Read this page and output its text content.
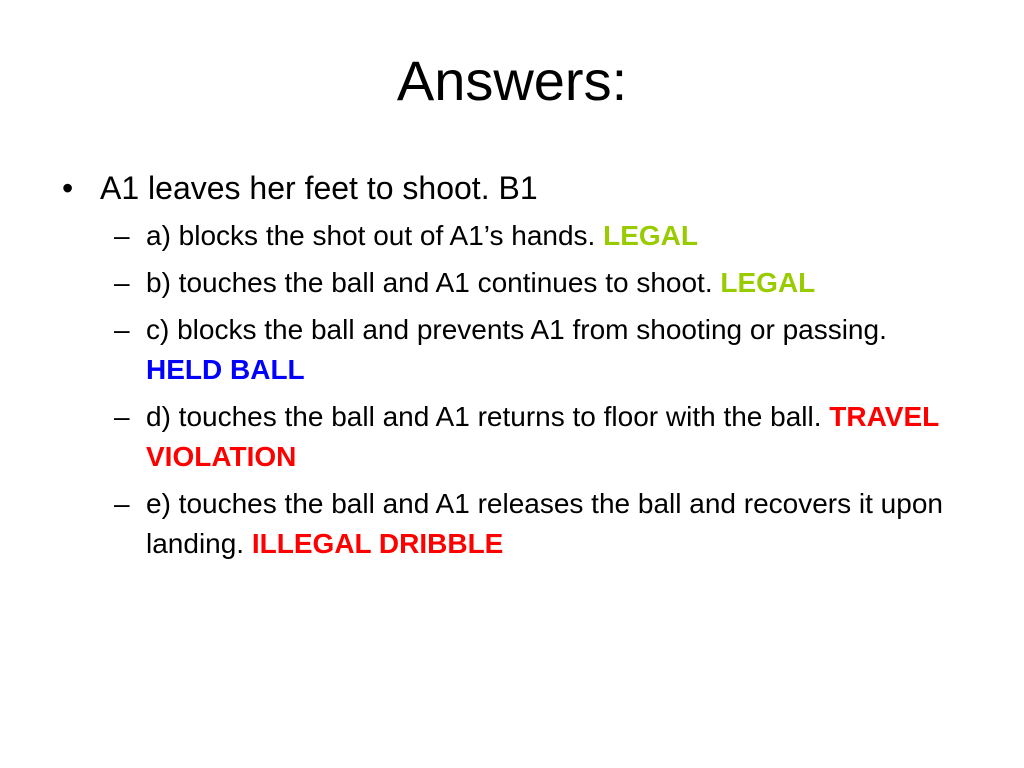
Answers:

• A1 leaves her feet to shoot. B1

– a) blocks the shot out of A1’s hands. LEGAL
– b) touches the ball and A1 continues to shoot. LEGAL
– c) blocks the ball and prevents A1 from shooting or passing. HELD BALL
– d) touches the ball and A1 returns to floor with the ball. TRAVEL VIOLATION
– e) touches the ball and A1 releases the ball and recovers it upon landing. ILLEGAL DRIBBLE
